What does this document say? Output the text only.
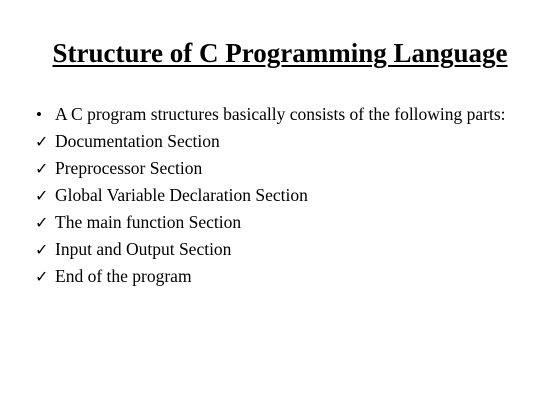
Structure of C Programming Language
• A C program structures basically consists of the following parts:
✓ Documentation Section
✓ Preprocessor Section
✓ Global Variable Declaration Section
✓ The main function Section
✓ Input and Output Section
✓ End of the program
